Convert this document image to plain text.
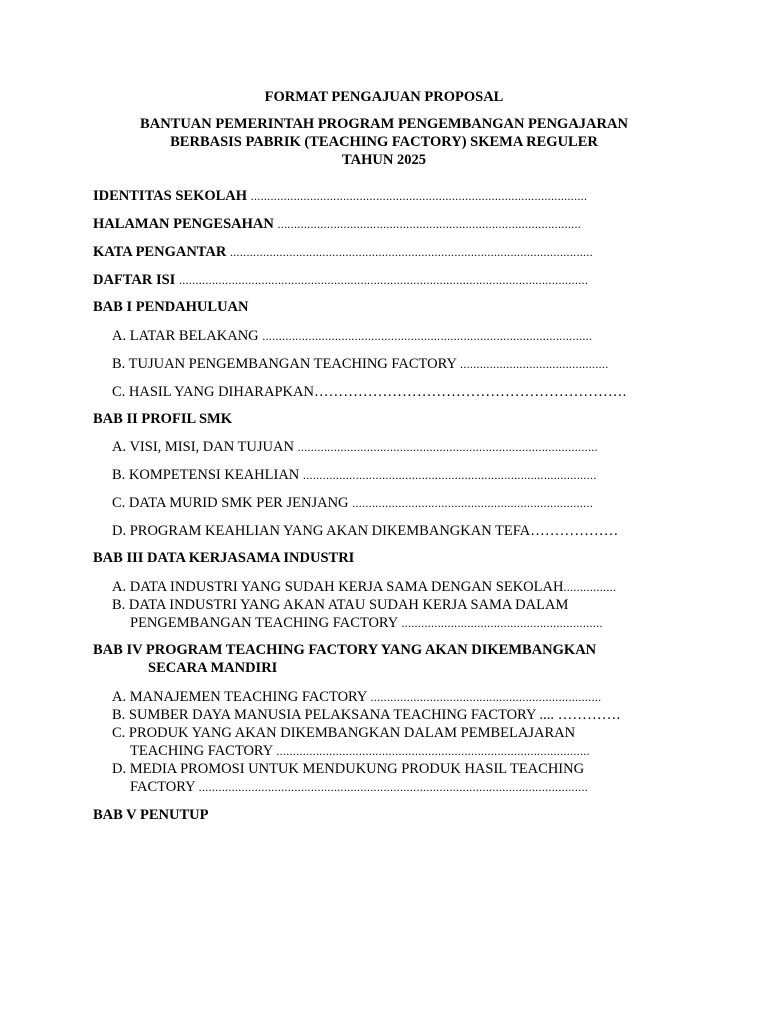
FORMAT PENGAJUAN PROPOSAL
BANTUAN PEMERINTAH PROGRAM PENGEMBANGAN PENGAJARAN
BERBASIS PABRIK (TEACHING FACTORY) SKEMA REGULER
TAHUN 2025
IDENTITAS SEKOLAH ......................................................................................................
HALAMAN PENGESAHAN ............................................................................................
KATA PENGANTAR ..............................................................................................................
DAFTAR ISI ............................................................................................................................
BAB I PENDAHULUAN
A. LATAR BELAKANG ....................................................................................................
B. TUJUAN PENGEMBANGAN TEACHING FACTORY .............................................
C. HASIL YANG DIHARAPKAN……………………………………………………….
BAB II PROFIL SMK
A. VISI, MISI, DAN TUJUAN ...........................................................................................
B. KOMPETENSI KEAHLIAN .........................................................................................
C. DATA MURID SMK PER JENJANG .........................................................................
D. PROGRAM KEAHLIAN YANG AKAN DIKEMBANGKAN TEFA………………
BAB III DATA KERJASAMA INDUSTRI
A. DATA INDUSTRI YANG SUDAH KERJA SAMA DENGAN SEKOLAH................
B. DATA INDUSTRI YANG AKAN ATAU SUDAH KERJA SAMA DALAM
PENGEMBANGAN TEACHING FACTORY .............................................................
BAB IV PROGRAM TEACHING FACTORY YANG AKAN DIKEMBANGKAN
SECARA MANDIRI
A. MANAJEMEN TEACHING FACTORY ......................................................................
B. SUMBER DAYA MANUSIA PELAKSANA TEACHING FACTORY .... ………….
C. PRODUK YANG AKAN DIKEMBANGKAN DALAM PEMBELAJARAN
TEACHING FACTORY ...............................................................................................
D. MEDIA PROMOSI UNTUK MENDUKUNG PRODUK HASIL TEACHING
FACTORY ......................................................................................................................
BAB V PENUTUP
